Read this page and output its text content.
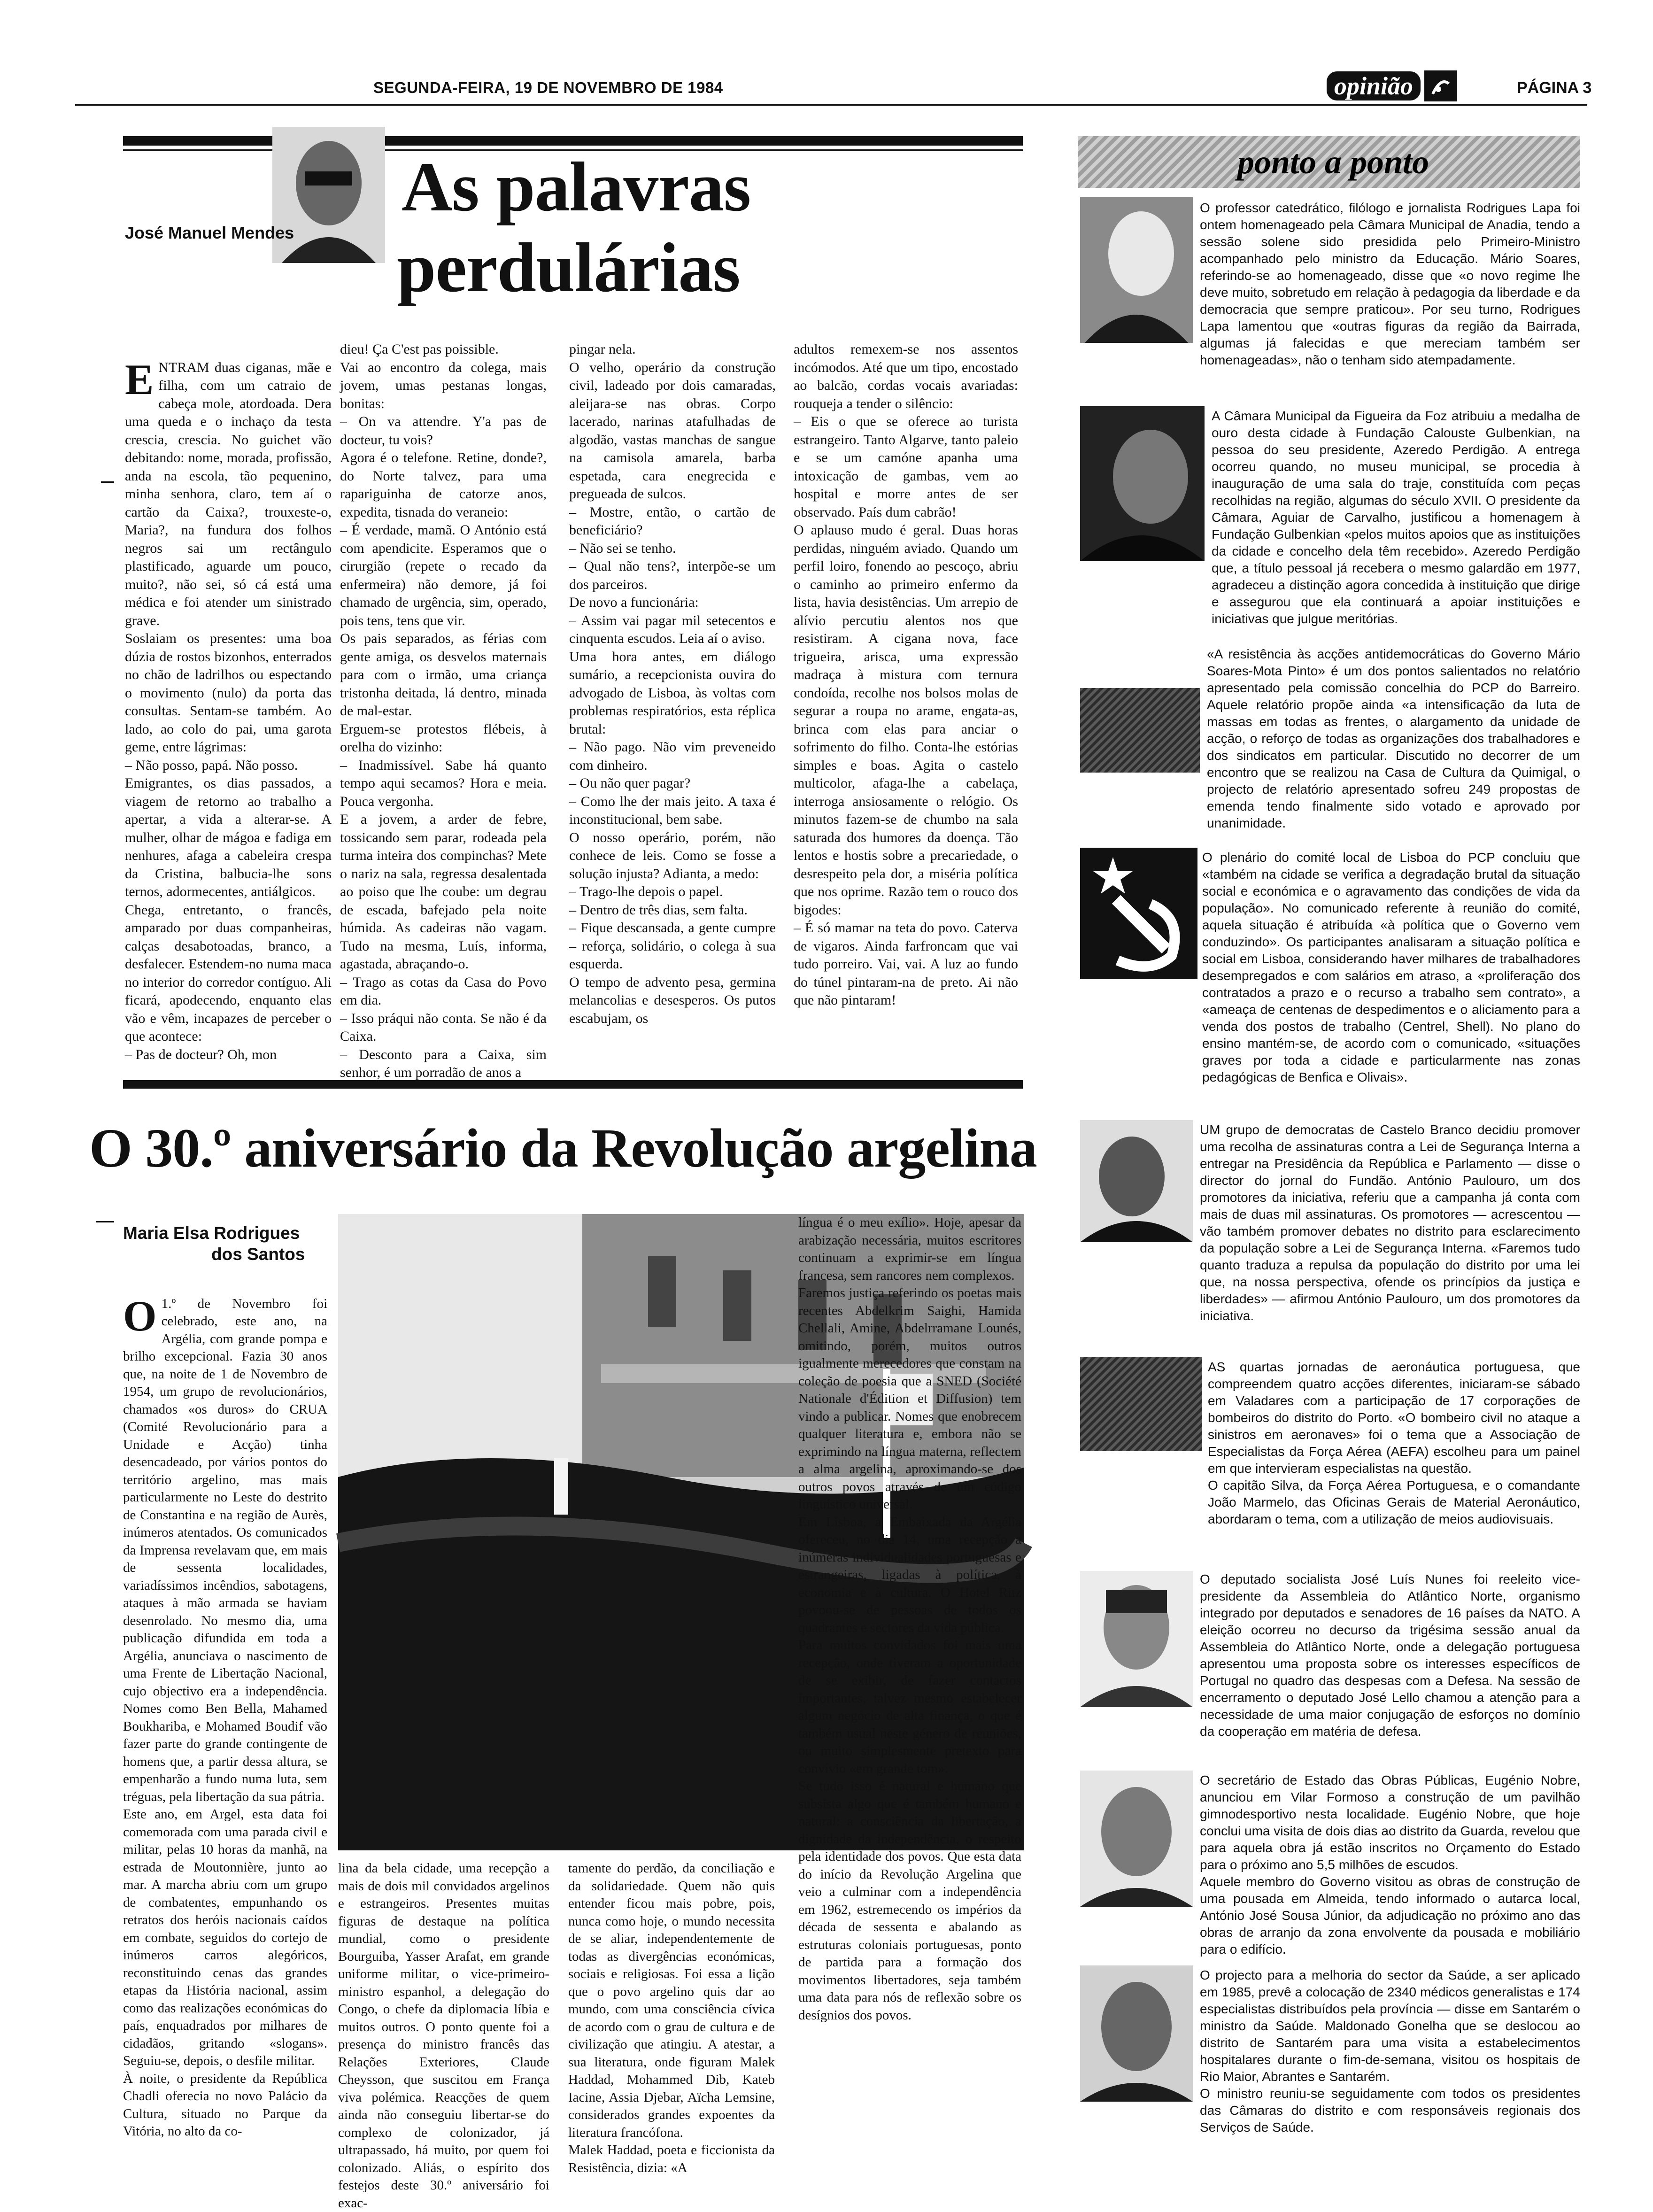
SEGUNDA-FEIRA, 19 DE NOVEMBRO DE 1984	opinião	PÁGINA 3
As palavras
perdulárias
José Manuel Mendes

ENTRAM duas ciganas, mãe e filha, com um catraio de cabeça mole, atordoada. Dera uma queda e o inchaço da testa crescia, crescia. No guichet vão debitando: nome, morada, profissão, anda na escola, tão pequenino, minha senhora, claro, tem aí o cartão da Caixa?, trouxeste-o, Maria?, na fundura dos folhos negros sai um rectângulo plastificado, aguarde um pouco, muito?, não sei, só cá está uma médica e foi atender um sinistrado grave.
Soslaiam os presentes: uma boa dúzia de rostos bizonhos, enterrados no chão de ladrilhos ou espectando o movimento (nulo) da porta das consultas. Sentam-se também. Ao lado, ao colo do pai, uma garota geme, entre lágrimas:
– Não posso, papá. Não posso.
Emigrantes, os dias passados, a viagem de retorno ao trabalho a apertar, a vida a alterar-se. A mulher, olhar de mágoa e fadiga em nenhures, afaga a cabeleira crespa da Cristina, balbucia-lhe sons ternos, adormecentes, antiálgicos.
Chega, entretanto, o francês, amparado por duas companheiras, calças desabotoadas, branco, a desfalecer. Estendem-no numa maca no interior do corredor contíguo. Ali ficará, apodecendo, enquanto elas vão e vêm, incapazes de perceber o que acontece:
– Pas de docteur? Oh, mon

dieu! Ça C'est pas poissible.
Vai ao encontro da colega, mais jovem, umas pestanas longas, bonitas:
– On va attendre. Y'a pas de docteur, tu vois?
Agora é o telefone. Retine, donde?, do Norte talvez, para uma rapariguinha de catorze anos, expedita, tisnada do veraneio:
– É verdade, mamã. O António está com apendicite. Esperamos que o cirurgião (repete o recado da enfermeira) não demore, já foi chamado de urgência, sim, operado, pois tens, tens que vir.
Os pais separados, as férias com gente amiga, os desvelos maternais para com o irmão, uma criança tristonha deitada, lá dentro, minada de mal-estar.
Erguem-se protestos flébeis, à orelha do vizinho:
– Inadmissível. Sabe há quanto tempo aqui secamos? Hora e meia. Pouca vergonha.
E a jovem, a arder de febre, tossicando sem parar, rodeada pela turma inteira dos compinchas? Mete o nariz na sala, regressa desalentada ao poiso que lhe coube: um degrau de escada, bafejado pela noite húmida. As cadeiras não vagam. Tudo na mesma, Luís, informa, agastada, abraçando-o.
– Trago as cotas da Casa do Povo em dia.
– Isso práqui não conta. Se não é da Caixa.
– Desconto para a Caixa, sim senhor, é um porradão de anos a
pingar nela.
O velho, operário da construção civil, ladeado por dois camaradas, aleijara-se nas obras. Corpo lacerado, narinas atafulhadas de algodão, vastas manchas de sangue na camisola amarela, barba espetada, cara enegrecida e pregueada de sulcos.
– Mostre, então, o cartão de beneficiário?
– Não sei se tenho.
– Qual não tens?, interpõe-se um dos parceiros.
De novo a funcionária:
– Assim vai pagar mil setecentos e cinquenta escudos. Leia aí o aviso.
Uma hora antes, em diálogo sumário, a recepcionista ouvira do advogado de Lisboa, às voltas com problemas respiratórios, esta réplica brutal:
– Não pago. Não vim preveneido com dinheiro.
– Ou não quer pagar?
– Como lhe der mais jeito. A taxa é inconstitucional, bem sabe.
O nosso operário, porém, não conhece de leis. Como se fosse a solução injusta? Adianta, a medo:
– Trago-lhe depois o papel.
– Dentro de três dias, sem falta.
– Fique descansada, a gente cumpre – reforça, solidário, o colega à sua esquerda.
O tempo de advento pesa, germina melancolias e desesperos. Os putos escabujam, os
adultos remexem-se nos assentos incómodos. Até que um tipo, encostado ao balcão, cordas vocais avariadas: rouqueja a tender o silêncio:
– Eis o que se oferece ao turista estrangeiro. Tanto Algarve, tanto paleio e se um camóne apanha uma intoxicação de gambas, vem ao hospital e morre antes de ser observado. País dum cabrão!
O aplauso mudo é geral. Duas horas perdidas, ninguém aviado. Quando um perfil loiro, fonendo ao pescoço, abriu o caminho ao primeiro enfermo da lista, havia desistências. Um arrepio de alívio percutiu alentos nos que resistiram. A cigana nova, face trigueira, arisca, uma expressão madraça à mistura com ternura condoída, recolhe nos bolsos molas de segurar a roupa no arame, engata-as, brinca com elas para anciar o sofrimento do filho. Conta-lhe estórias simples e boas. Agita o castelo multicolor, afaga-lhe a cabelaça, interroga ansiosamente o relógio. Os minutos fazem-se de chumbo na sala saturada dos humores da doença. Tão lentos e hostis sobre a precariedade, o desrespeito pela dor, a miséria política que nos oprime. Razão tem o rouco dos bigodes:
– É só mamar na teta do povo. Caterva de vigaros. Ainda farfroncam que vai tudo porreiro. Vai, vai. A luz ao fundo do túnel pintaram-na de preto. Ai não que não pintaram!
ponto a ponto
O professor catedrático, filólogo e jornalista Rodrigues Lapa foi ontem homenageado pela Câmara Municipal de Anadia, tendo a sessão solene sido presidida pelo Primeiro-Ministro acompanhado pelo ministro da Educação. Mário Soares, referindo-se ao homenageado, disse que «o novo regime lhe deve muito, sobretudo em relação à pedagogia da liberdade e da democracia que sempre praticou». Por seu turno, Rodrigues Lapa lamentou que «outras figuras da região da Bairrada, algumas já falecidas e que mereciam também ser homenageadas», não o tenham sido atempadamente.
A Câmara Municipal da Figueira da Foz atribuiu a medalha de ouro desta cidade à Fundação Calouste Gulbenkian, na pessoa do seu presidente, Azeredo Perdigão. A entrega ocorreu quando, no museu municipal, se procedia à inauguração de uma sala do traje, constituída com peças recolhidas na região, algumas do século XVII. O presidente da Câmara, Aguiar de Carvalho, justificou a homenagem à Fundação Gulbenkian «pelos muitos apoios que as instituições da cidade e concelho dela têm recebido». Azeredo Perdigão que, a título pessoal já recebera o mesmo galardão em 1977, agradeceu a distinção agora concedida à instituição que dirige e assegurou que ela continuará a apoiar instituições e iniciativas que julgue meritórias.
«A resistência às acções antidemocráticas do Governo Mário Soares-Mota Pinto» é um dos pontos salientados no relatório apresentado pela comissão concelhia do PCP do Barreiro. Aquele relatório propõe ainda «a intensificação da luta de massas em todas as frentes, o alargamento da unidade de acção, o reforço de todas as organizações dos trabalhadores e dos sindicatos em particular. Discutido no decorrer de um encontro que se realizou na Casa de Cultura da Quimigal, o projecto de relatório apresentado sofreu 249 propostas de emenda tendo finalmente sido votado e aprovado por unanimidade.
O plenário do comité local de Lisboa do PCP concluiu que «também na cidade se verifica a degradação brutal da situação social e económica e o agravamento das condições de vida da população». No comunicado referente à reunião do comité, aquela situação é atribuída «à política que o Governo vem conduzindo». Os participantes analisaram a situação política e social em Lisboa, considerando haver milhares de trabalhadores desempregados e com salários em atraso, a «proliferação dos contratados a prazo e o recurso a trabalho sem contrato», a «ameaça de centenas de despedimentos e o aliciamento para a venda dos postos de trabalho (Centrel, Shell). No plano do ensino mantém-se, de acordo com o comunicado, «situações graves por toda a cidade e particularmente nas zonas pedagógicas de Benfica e Olivais».
UM grupo de democratas de Castelo Branco decidiu promover uma recolha de assinaturas contra a Lei de Segurança Interna a entregar na Presidência da República e Parlamento — disse o director do jornal do Fundão. António Paulouro, um dos promotores da iniciativa, referiu que a campanha já conta com mais de duas mil assinaturas. Os promotores — acrescentou — vão também promover debates no distrito para esclarecimento da população sobre a Lei de Segurança Interna. «Faremos tudo quanto traduza a repulsa da população do distrito por uma lei que, na nossa perspectiva, ofende os princípios da justiça e liberdades» — afirmou António Paulouro, um dos promotores da iniciativa.
AS quartas jornadas de aeronáutica portuguesa, que compreendem quatro acções diferentes, iniciaram-se sábado em Valadares com a participação de 17 corporações de bombeiros do distrito do Porto. «O bombeiro civil no ataque a sinistros em aeronaves» foi o tema que a Associação de Especialistas da Força Aérea (AEFA) escolheu para um painel em que intervieram especialistas na questão.
O capitão Silva, da Força Aérea Portuguesa, e o comandante João Marmelo, das Oficinas Gerais de Material Aeronáutico, abordaram o tema, com a utilização de meios audiovisuais.
O deputado socialista José Luís Nunes foi reeleito vice-presidente da Assembleia do Atlântico Norte, organismo integrado por deputados e senadores de 16 países da NATO. A eleição ocorreu no decurso da trigésima sessão anual da Assembleia do Atlântico Norte, onde a delegação portuguesa apresentou uma proposta sobre os interesses específicos de Portugal no quadro das despesas com a Defesa. Na sessão de encerramento o deputado José Lello chamou a atenção para a necessidade de uma maior conjugação de esforços no domínio da cooperação em matéria de defesa.
O secretário de Estado das Obras Públicas, Eugénio Nobre, anunciou em Vilar Formoso a construção de um pavilhão gimnodesportivo nesta localidade. Eugénio Nobre, que hoje conclui uma visita de dois dias ao distrito da Guarda, revelou que para aquela obra já estão inscritos no Orçamento do Estado para o próximo ano 5,5 milhões de escudos.
Aquele membro do Governo visitou as obras de construção de uma pousada em Almeida, tendo informado o autarca local, António José Sousa Júnior, da adjudicação no próximo ano das obras de arranjo da zona envolvente da pousada e mobiliário para o edifício.
O projecto para a melhoria do sector da Saúde, a ser aplicado em 1985, prevê a colocação de 2340 médicos generalistas e 174 especialistas distribuídos pela província — disse em Santarém o ministro da Saúde. Maldonado Gonelha que se deslocou ao distrito de Santarém para uma visita a estabelecimentos hospitalares durante o fim-de-semana, visitou os hospitais de Rio Maior, Abrantes e Santarém.
O ministro reuniu-se seguidamente com todos os presidentes das Câmaras do distrito e com responsáveis regionais dos Serviços de Saúde.
O 30.º aniversário da Revolução argelina
Maria Elsa Rodrigues
dos Santos

O 1.º de Novembro foi celebrado, este ano, na Argélia, com grande pompa e brilho excepcional. Fazia 30 anos que, na noite de 1 de Novembro de 1954, um grupo de revolucionários, chamados «os duros» do CRUA (Comité Revolucionário para a Unidade e Acção) tinha desencadeado, por vários pontos do território argelino, mas mais particularmente no Leste do destrito de Constantina e na região de Aurès, inúmeros atentados. Os comunicados da Imprensa revelavam que, em mais de sessenta localidades, variadíssimos incêndios, sabotagens, ataques à mão armada se haviam desenrolado. No mesmo dia, uma publicação difundida em toda a Argélia, anunciava o nascimento de uma Frente de Libertação Nacional, cujo objectivo era a independência. Nomes como Ben Bella, Mahamed Boukhariba, e Mohamed Boudif vão fazer parte do grande contingente de homens que, a partir dessa altura, se empenharão a fundo numa luta, sem tréguas, pela libertação da sua pátria.
Este ano, em Argel, esta data foi comemorada com uma parada civil e militar, pelas 10 horas da manhã, na estrada de Moutonnière, junto ao mar. A marcha abriu com um grupo de combatentes, empunhando os retratos dos heróis nacionais caídos em combate, seguidos do cortejo de inúmeros carros alegóricos, reconstituindo cenas das grandes etapas da História nacional, assim como das realizações económicas do país, enquadrados por milhares de cidadãos, gritando «slogans». Seguiu-se, depois, o desfile militar.
À noite, o presidente da República Chadli oferecia no novo Palácio da Cultura, situado no Parque da Vitória, no alto da co-

lina da bela cidade, uma recepção a mais de dois mil convidados argelinos e estrangeiros. Presentes muitas figuras de destaque na política mundial, como o presidente Bourguiba, Yasser Arafat, em grande uniforme militar, o vice-primeiro-ministro espanhol, a delegação do Congo, o chefe da diplomacia líbia e muitos outros. O ponto quente foi a presença do ministro francês das Relações Exteriores, Claude Cheysson, que suscitou em França viva polémica. Reacções de quem ainda não conseguiu libertar-se do complexo de colonizador, já ultrapassado, há muito, por quem foi colonizado. Aliás, o espírito dos festejos deste 30.º aniversário foi exac-
tamente do perdão, da conciliação e da solidariedade. Quem não quis entender ficou mais pobre, pois, nunca como hoje, o mundo necessita de se aliar, independentemente de todas as divergências económicas, sociais e religiosas. Foi essa a lição que o povo argelino quis dar ao mundo, com uma consciência cívica de acordo com o grau de cultura e de civilização que atingiu. A atestar, a sua literatura, onde figuram Malek Haddad, Mohammed Dib, Kateb Iacine, Assia Djebar, Aïcha Lemsine, considerados grandes expoentes da literatura francófona.
Malek Haddad, poeta e ficcionista da Resistência, dizia: «A
língua é o meu exílio». Hoje, apesar da arabização necessária, muitos escritores continuam a exprimir-se em língua francesa, sem rancores nem complexos.
Faremos justiça referindo os poetas mais recentes Abdelkrim Saighi, Hamida Chellali, Amine, Abdelrramane Lounés, omitindo, porém, muitos outros igualmente merecedores que constam na coleção de poesia que a SNED (Société Nationale d'Édition et Diffusion) tem vindo a publicar. Nomes que enobrecem qualquer literatura e, embora não se exprimindo na língua materna, reflectem a alma argelina, aproximando-se dos outros povos através de um código linguístico universal.
Em Lisboa, a Embaixada da Argélia ofereceu, no dia 14, uma recepção a inúmeras individualidades portuguesas e estrangeiras, ligadas à política, à economia e à cultura. O Hotel Ritz povoou-se de pessoas de todos os quadrantes e sectores da vida pública.
Para muitos convidados foi mais uma recepção, onde tiveram a oportunidade de se exibir, de fazer contactos importantes, talvez mesmo estabelecer algum negócio de alta finança, o que é também usual neste género de reuniões, ou muito simplesmente pretexto para convívio «em grande tom».
Se tudo isso é natural e humano que subsista algo que é também humano e natural: a consciência da libertação, a dignidade da independência, o respeito pela identidade dos povos. Que esta data do início da Revolução Argelina que veio a culminar com a independência em 1962, estremecendo os impérios da década de sessenta e abalando as estruturas coloniais portuguesas, ponto de partida para a formação dos movimentos libertadores, seja também uma data para nós de reflexão sobre os desígnios dos povos.
